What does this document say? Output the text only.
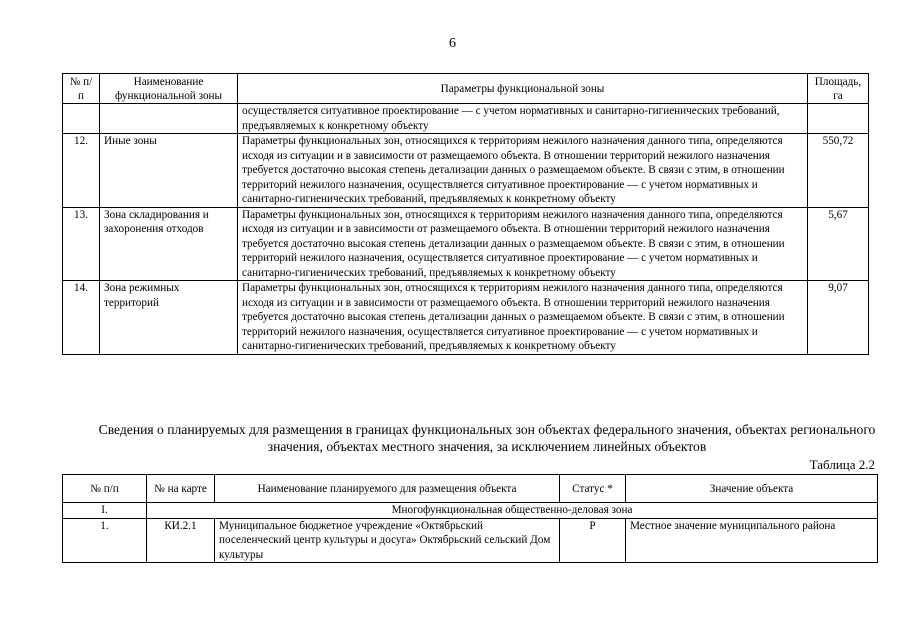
6
№ п/п	Наименование функциональной зоны	Параметры функциональной зоны	Площадь, га
		осуществляется ситуативное проектирование — с учетом нормативных и санитарно-гигиенических требований, предъявляемых к конкретному объекту	
12.	Иные зоны	Параметры функциональных зон, относящихся к территориям нежилого назначения данного типа, определяются исходя из ситуации и в зависимости от размещаемого объекта. В отношении территорий нежилого назначения требуется достаточно высокая степень детализации данных о размещаемом объекте. В связи с этим, в отношении территорий нежилого назначения, осуществляется ситуативное проектирование — с учетом нормативных и санитарно-гигиенических требований, предъявляемых к конкретному объекту	550,72
13.	Зона складирования и захоронения отходов	Параметры функциональных зон, относящихся к территориям нежилого назначения данного типа, определяются исходя из ситуации и в зависимости от размещаемого объекта. В отношении территорий нежилого назначения требуется достаточно высокая степень детализации данных о размещаемом объекте. В связи с этим, в отношении территорий нежилого назначения, осуществляется ситуативное проектирование — с учетом нормативных и санитарно-гигиенических требований, предъявляемых к конкретному объекту	5,67
14.	Зона режимных территорий	Параметры функциональных зон, относящихся к территориям нежилого назначения данного типа, определяются исходя из ситуации и в зависимости от размещаемого объекта. В отношении территорий нежилого назначения требуется достаточно высокая степень детализации данных о размещаемом объекте. В связи с этим, в отношении территорий нежилого назначения, осуществляется ситуативное проектирование — с учетом нормативных и санитарно-гигиенических требований, предъявляемых к конкретному объекту	9,07
Сведения о планируемых для размещения в границах функциональных зон объектах федерального значения, объектах регионального значения, объектах местного значения, за исключением линейных объектов
Таблица 2.2
№ п/п	№ на карте	Наименование планируемого для размещения объекта	Статус *	Значение объекта
I.	Многофункциональная общественно-деловая зона			
1.	КИ.2.1	Муниципальное бюджетное учреждение «Октябрьский поселенческий центр культуры и досуга» Октябрьский сельский Дом культуры	Р	Местное значение муниципального района
